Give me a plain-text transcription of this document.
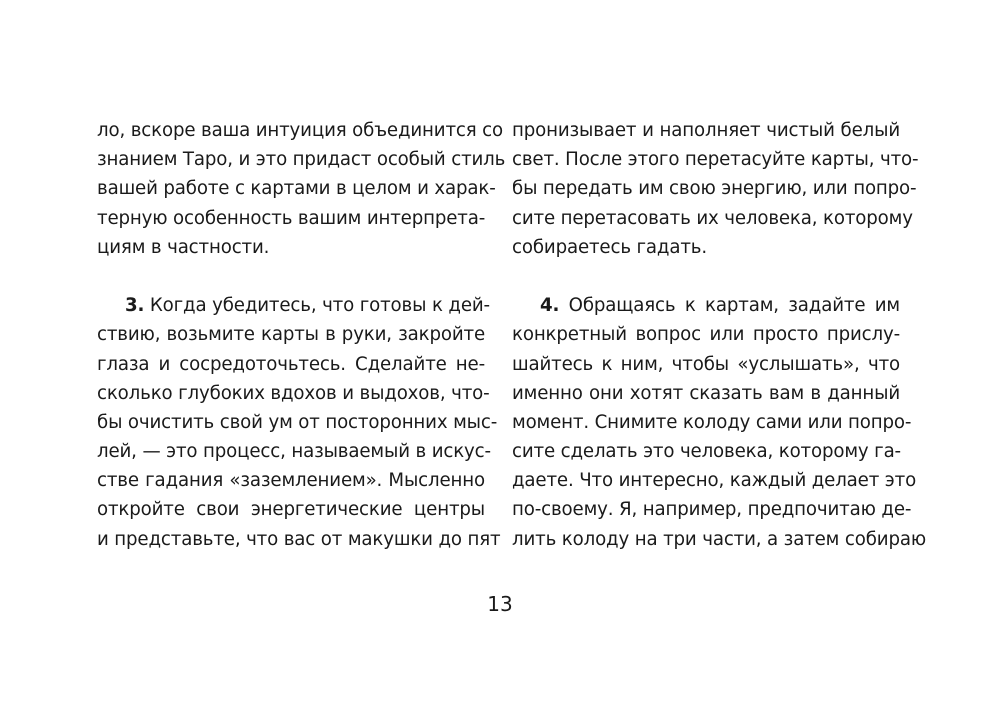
ло, вскоре ваша интуиция объединится со
знанием Таро, и это придаст особый стиль
вашей работе с картами в целом и харак-
терную особенность вашим интерпрета-
циям в частности.
3. Когда убедитесь, что готовы к дей-
ствию, возьмите карты в руки, закройте
глаза и сосредоточьтесь. Сделайте не-
сколько глубоких вдохов и выдохов, что-
бы очистить свой ум от посторонних мыс-
лей, — это процесс, называемый в искус-
стве гадания «заземлением». Мысленно
откройте свои энергетические центры
и представьте, что вас от макушки до пят
пронизывает и наполняет чистый белый
свет. После этого перетасуйте карты, что-
бы передать им свою энергию, или попро-
сите перетасовать их человека, которому
собираетесь гадать.
4. Обращаясь к картам, задайте им
конкретный вопрос или просто прислу-
шайтесь к ним, чтобы «услышать», что
именно они хотят сказать вам в данный
момент. Снимите колоду сами или попро-
сите сделать это человека, которому га-
даете. Что интересно, каждый делает это
по-своему. Я, например, предпочитаю де-
лить колоду на три части, а затем собираю
13
